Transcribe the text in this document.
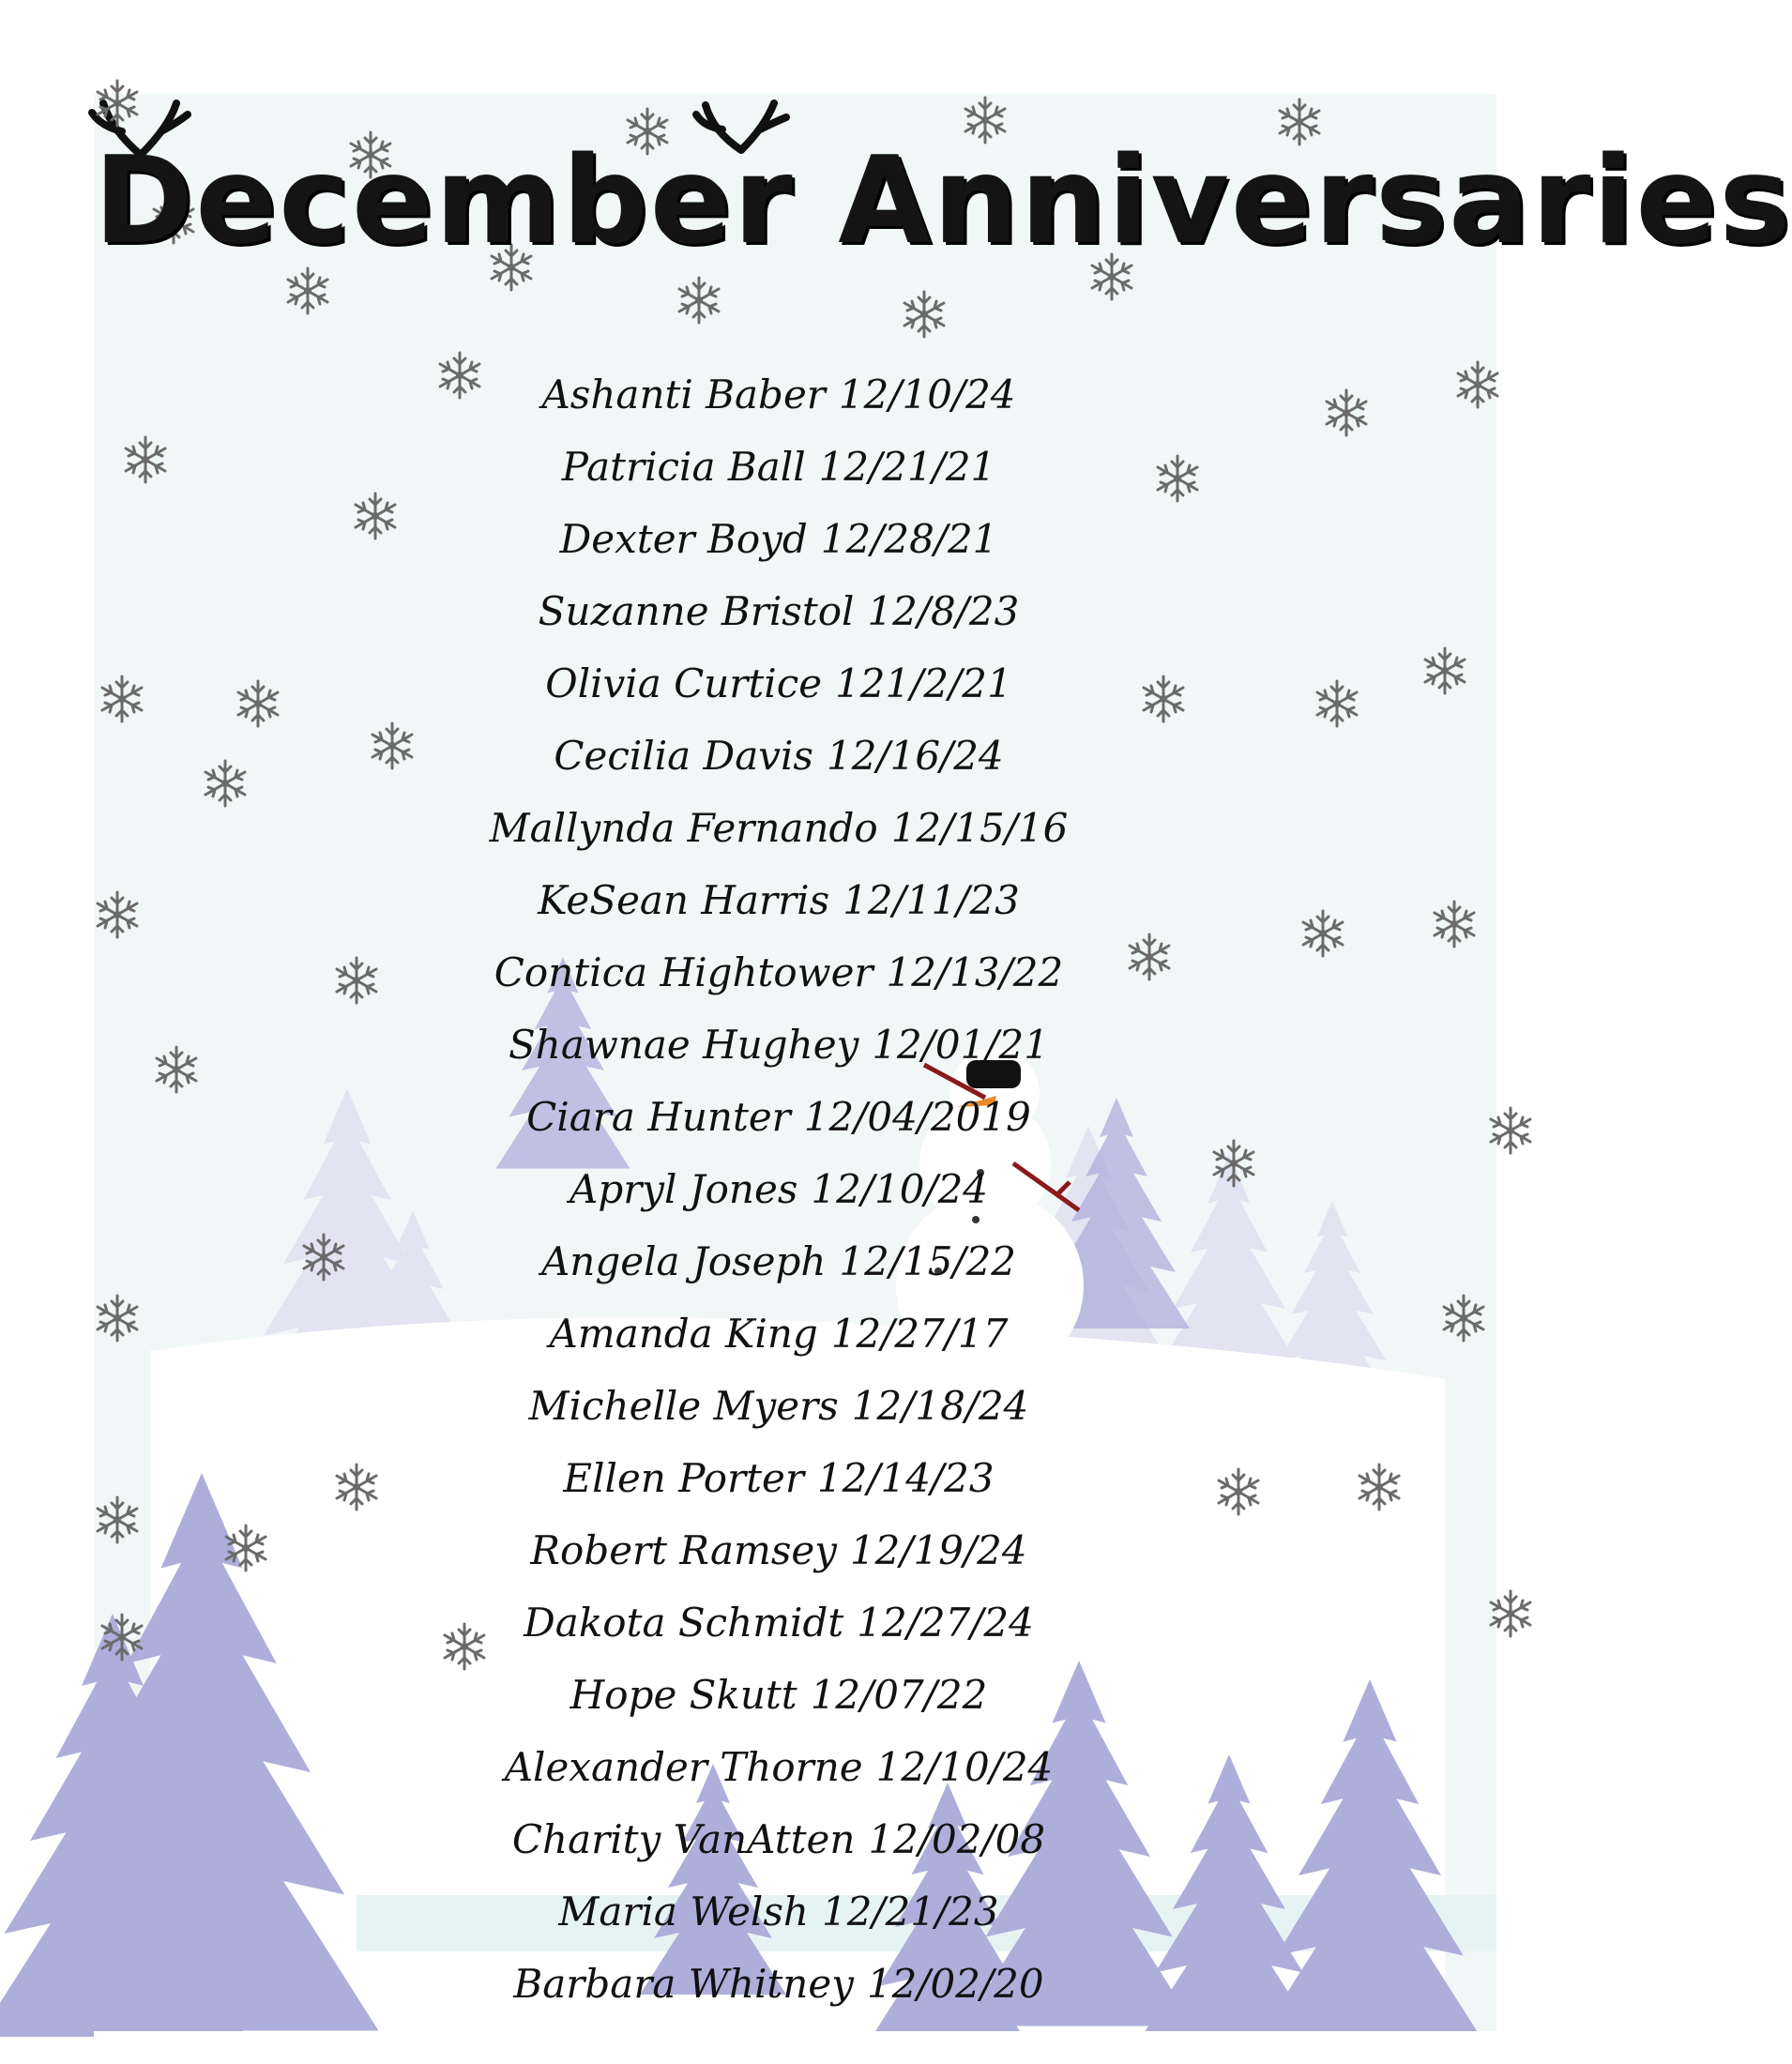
December Anniversaries
Ashanti Baber 12/10/24
Patricia Ball 12/21/21
Dexter Boyd 12/28/21
Suzanne Bristol 12/8/23
Olivia Curtice 121/2/21
Cecilia Davis 12/16/24
Mallynda Fernando 12/15/16
KeSean Harris 12/11/23
Contica Hightower 12/13/22
Shawnae Hughey 12/01/21
Ciara Hunter 12/04/2019
Apryl Jones 12/10/24
Angela Joseph 12/15/22
Amanda King 12/27/17
Michelle Myers 12/18/24
Ellen Porter 12/14/23
Robert Ramsey 12/19/24
Dakota Schmidt 12/27/24
Hope Skutt 12/07/22
Alexander Thorne 12/10/24
Charity VanAtten 12/02/08
Maria Welsh 12/21/23
Barbara Whitney 12/02/20
